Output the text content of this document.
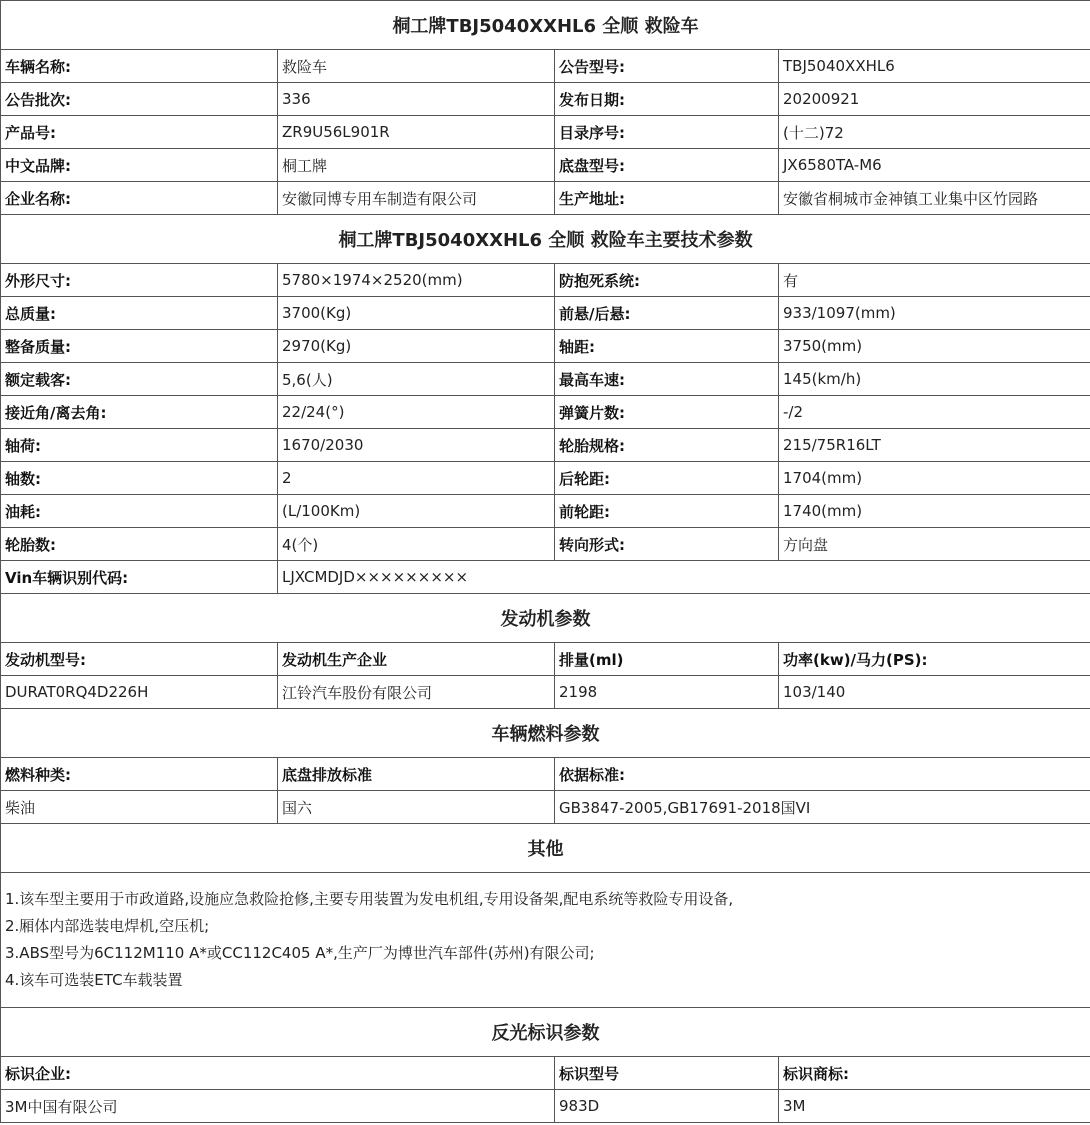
桐工牌TBJ5040XXHL6 全顺 救险车			
车辆名称:	救险车	公告型号:	TBJ5040XXHL6
公告批次:	336	发布日期:	20200921
产品号:	ZR9U56L901R	目录序号:	(十二)72
中文品牌:	桐工牌	底盘型号:	JX6580TA-M6
企业名称:	安徽同博专用车制造有限公司	生产地址:	安徽省桐城市金神镇工业集中区竹园路
桐工牌TBJ5040XXHL6 全顺 救险车主要技术参数			
外形尺寸:	5780×1974×2520(mm)	防抱死系统:	有
总质量:	3700(Kg)	前悬/后悬:	933/1097(mm)
整备质量:	2970(Kg)	轴距:	3750(mm)
额定载客:	5,6(人)	最高车速:	145(km/h)
接近角/离去角:	22/24(°)	弹簧片数:	-/2
轴荷:	1670/2030	轮胎规格:	215/75R16LT
轴数:	2	后轮距:	1704(mm)
油耗:	(L/100Km)	前轮距:	1740(mm)
轮胎数:	4(个)	转向形式:	方向盘
Vin车辆识别代码:	LJXCMDJD×××××××××		
发动机参数			
发动机型号:	发动机生产企业	排量(ml)	功率(kw)/马力(PS):
DURAT0RQ4D226H	江铃汽车股份有限公司	2198	103/140
车辆燃料参数			
燃料种类:	底盘排放标准	依据标准:	
柴油	国六	GB3847-2005,GB17691-2018国VI	
其他			

1.该车型主要用于市政道路,设施应急救险抢修,主要专用装置为发电机组,专用设备架,配电系统等救险专用设备,
2.厢体内部选装电焊机,空压机;
3.ABS型号为6C112M110 A*或CC112C405 A*,生产厂为博世汽车部件(苏州)有限公司;
4.该车可选装ETC车载装置			

反光标识参数			
标识企业:		标识型号	标识商标:
3M中国有限公司		983D	3M
